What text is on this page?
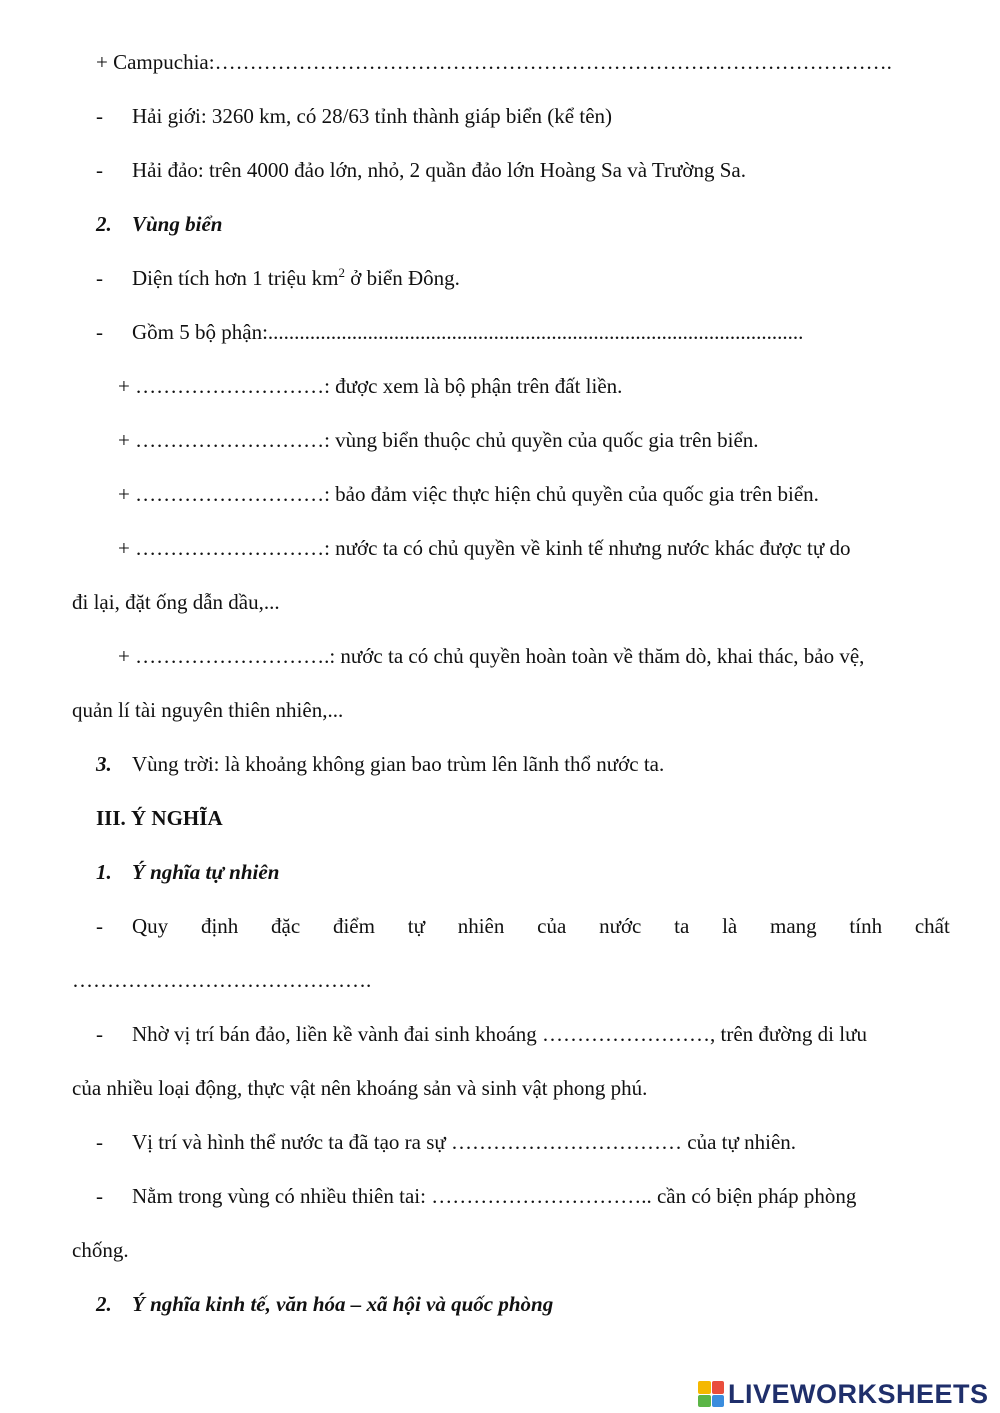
+ Campuchia:…………………………………………………………………………………….
- Hải giới: 3260 km, có 28/63 tỉnh thành giáp biển (kể tên)
- Hải đảo: trên 4000 đảo lớn, nhỏ, 2 quần đảo lớn Hoàng Sa và Trường Sa.
2. Vùng biển
- Diện tích hơn 1 triệu $km^2$ ở biển Đông.
- Gồm 5 bộ phận:......................................................................................................
+ ………………………: được xem là bộ phận trên đất liền.
+ ………………………: vùng biển thuộc chủ quyền của quốc gia trên biển.
+ ………………………: bảo đảm việc thực hiện chủ quyền của quốc gia trên biển.
+ ………………………: nước ta có chủ quyền về kinh tế nhưng nước khác được tự do
đi lại, đặt ống dẫn dầu,...
+ ……………………….: nước ta có chủ quyền hoàn toàn về thăm dò, khai thác, bảo vệ,
quản lí tài nguyên thiên nhiên,...
3. Vùng trời: là khoảng không gian bao trùm lên lãnh thổ nước ta.
III. Ý NGHĨA
1. Ý nghĩa tự nhiên
- Quy định đặc điểm tự nhiên của nước ta là mang tính chất
…………………………………….
- Nhờ vị trí bán đảo, liền kề vành đai sinh khoáng ……………………, trên đường di lưu
của nhiều loại động, thực vật nên khoáng sản và sinh vật phong phú.
- Vị trí và hình thể nước ta đã tạo ra sự …………………………… của tự nhiên.
- Nằm trong vùng có nhiều thiên tai: ………………………….. cần có biện pháp phòng
chống.
2. Ý nghĩa kinh tế, văn hóa – xã hội và quốc phòng
LIVEWORKSHEETS
